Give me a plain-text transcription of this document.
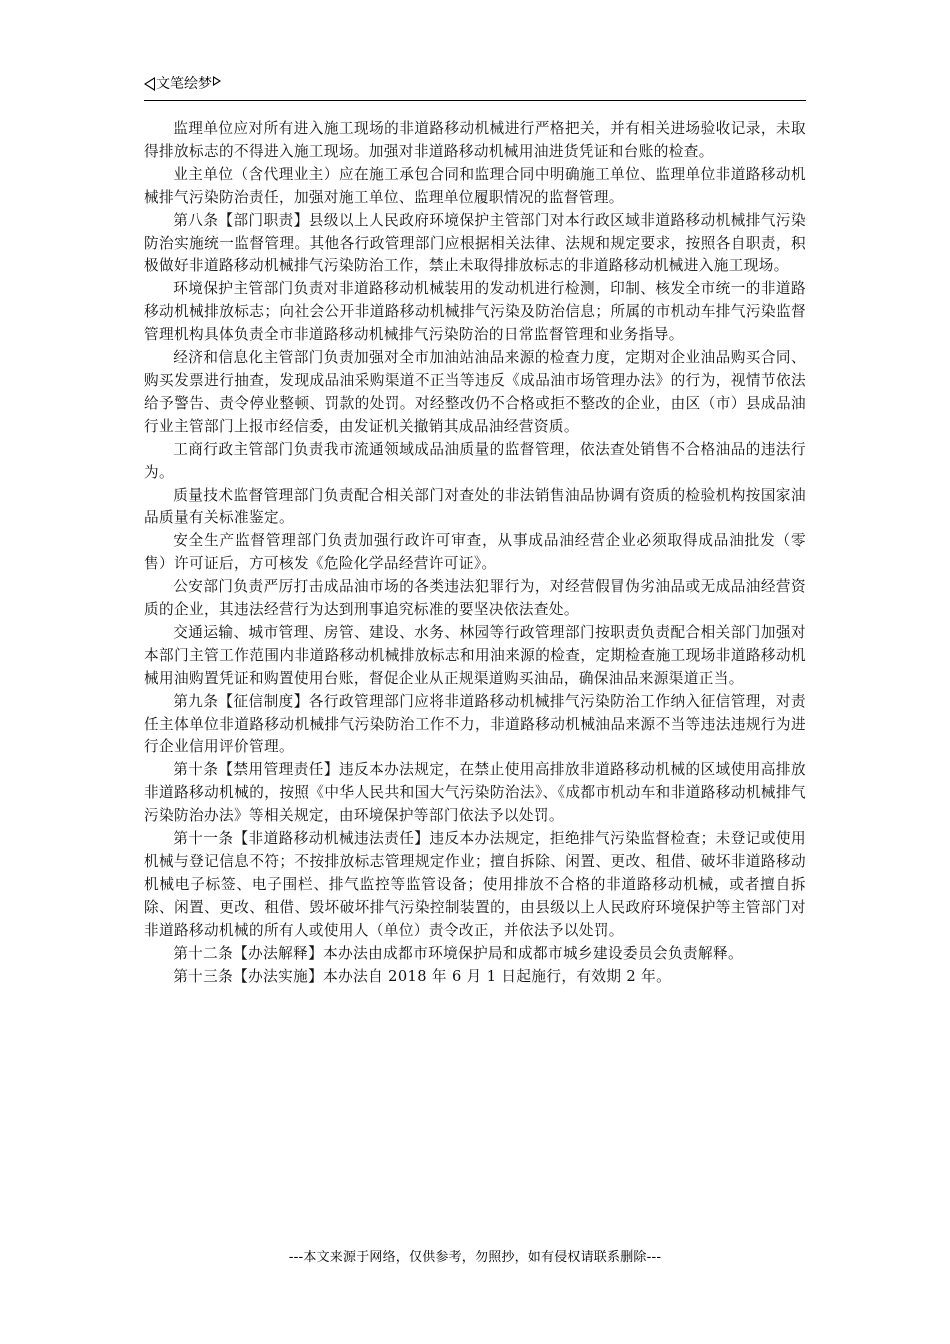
文笔绘梦

监理单位应对所有进入施工现场的非道路移动机械进行严格把关，并有相关进场验收记录，未取得排放标志的不得进入施工现场。加强对非道路移动机械用油进货凭证和台账的检查。

业主单位（含代理业主）应在施工承包合同和监理合同中明确施工单位、监理单位非道路移动机械排气污染防治责任，加强对施工单位、监理单位履职情况的监督管理。

第八条【部门职责】县级以上人民政府环境保护主管部门对本行政区域非道路移动机械排气污染防治实施统一监督管理。其他各行政管理部门应根据相关法律、法规和规定要求，按照各自职责，积极做好非道路移动机械排气污染防治工作，禁止未取得排放标志的非道路移动机械进入施工现场。

环境保护主管部门负责对非道路移动机械装用的发动机进行检测，印制、核发全市统一的非道路移动机械排放标志；向社会公开非道路移动机械排气污染及防治信息；所属的市机动车排气污染监督管理机构具体负责全市非道路移动机械排气污染防治的日常监督管理和业务指导。

经济和信息化主管部门负责加强对全市加油站油品来源的检查力度，定期对企业油品购买合同、购买发票进行抽查，发现成品油采购渠道不正当等违反《成品油市场管理办法》的行为，视情节依法给予警告、责令停业整顿、罚款的处罚。对经整改仍不合格或拒不整改的企业，由区（市）县成品油行业主管部门上报市经信委，由发证机关撤销其成品油经营资质。

工商行政主管部门负责我市流通领域成品油质量的监督管理，依法查处销售不合格油品的违法行为。

质量技术监督管理部门负责配合相关部门对查处的非法销售油品协调有资质的检验机构按国家油品质量有关标准鉴定。

安全生产监督管理部门负责加强行政许可审查，从事成品油经营企业必须取得成品油批发（零售）许可证后，方可核发《危险化学品经营许可证》。

公安部门负责严厉打击成品油市场的各类违法犯罪行为，对经营假冒伪劣油品或无成品油经营资质的企业，其违法经营行为达到刑事追究标准的要坚决依法查处。

交通运输、城市管理、房管、建设、水务、林园等行政管理部门按职责负责配合相关部门加强对本部门主管工作范围内非道路移动机械排放标志和用油来源的检查，定期检查施工现场非道路移动机械用油购置凭证和购置使用台账，督促企业从正规渠道购买油品，确保油品来源渠道正当。

第九条【征信制度】各行政管理部门应将非道路移动机械排气污染防治工作纳入征信管理，对责任主体单位非道路移动机械排气污染防治工作不力，非道路移动机械油品来源不当等违法违规行为进行企业信用评价管理。

第十条【禁用管理责任】违反本办法规定，在禁止使用高排放非道路移动机械的区域使用高排放非道路移动机械的，按照《中华人民共和国大气污染防治法》、《成都市机动车和非道路移动机械排气污染防治办法》等相关规定，由环境保护等部门依法予以处罚。

第十一条【非道路移动机械违法责任】违反本办法规定，拒绝排气污染监督检查；未登记或使用机械与登记信息不符；不按排放标志管理规定作业；擅自拆除、闲置、更改、租借、破坏非道路移动机械电子标签、电子围栏、排气监控等监管设备；使用排放不合格的非道路移动机械，或者擅自拆除、闲置、更改、租借、毁坏破坏排气污染控制装置的，由县级以上人民政府环境保护等主管部门对非道路移动机械的所有人或使用人（单位）责令改正，并依法予以处罚。

第十二条【办法解释】本办法由成都市环境保护局和成都市城乡建设委员会负责解释。

第十三条【办法实施】本办法自 2018 年 6 月 1 日起施行，有效期 2 年。

---本文来源于网络，仅供参考，勿照抄，如有侵权请联系删除---
